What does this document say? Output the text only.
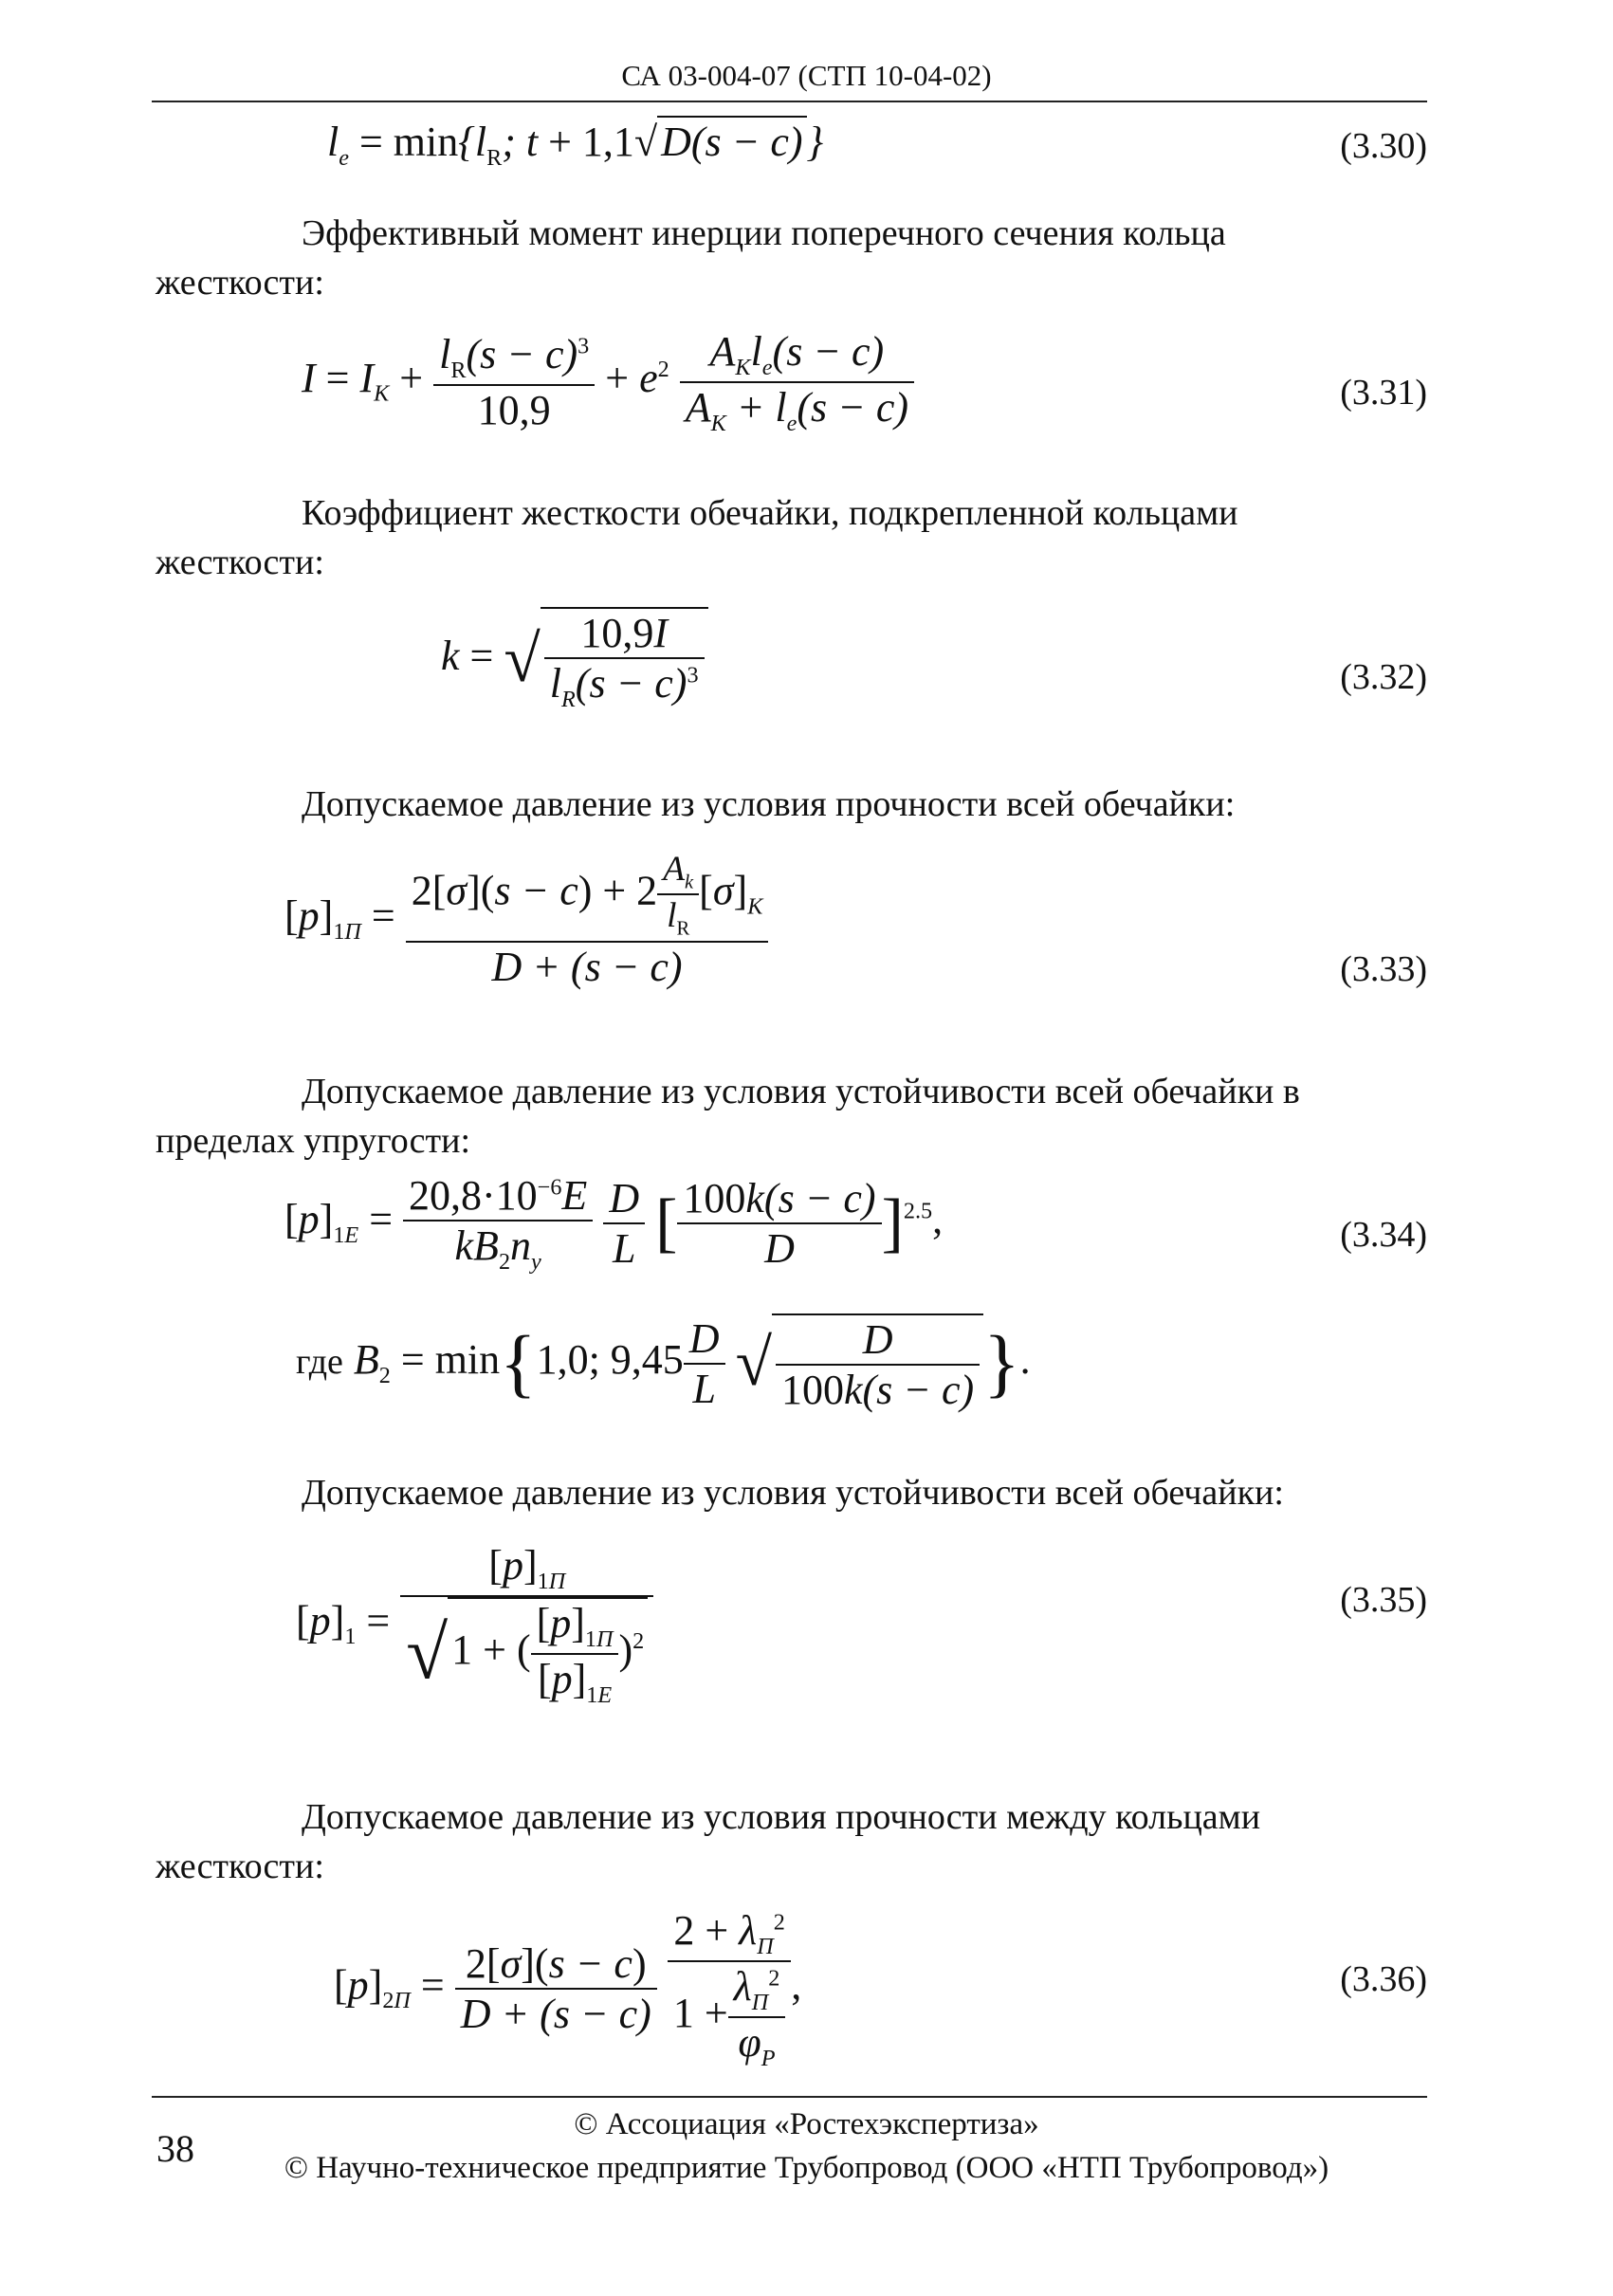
СА 03-004-07 (СТП 10-04-02)
$l_e = \min\{l_R$; t + 1,1√D(s − c)}	(3.30)
Эффективный момент инерции поперечного сечения кольца
жесткости:
$I = I_K + \frac{l_R(s - c)^3}{10,9} + e^2 \frac{A_Kl_e(s - c)}{A_K + l_e(s - c)}$	(3.31)
Коэффициент жесткости обечайки, подкрепленной кольцами
жесткости:
k = √ $\frac{10,9I}{l_R(s - c)^3}$	(3.32)
Допускаемое давление из условия прочности всей обечайки:
$[p]_{1П} = \frac{2[\sigma](s - c) + 2 \frac{A_k}{l_R} [\sigma]_K}{D + (s - c)}$	(3.33)
Допускаемое давление из условия устойчивости всей обечайки в
пределах упругости:
$[p]_{1E} = \frac{20,8\cdot 10^{-6}E}{kB_2n_y}$
$\frac{D}{L}$ [ $\frac{100k(s - c)}{D} ]^{2.5}$,	(3.34)
где $B_2 = \min\{1,0$; $9,45 \frac{D}{L}$ √ $\frac{D}{100k(s - c)}$ }.
Допускаемое давление из условия устойчивости всей обечайки:
$[p]_1 = \frac{[p]_{1П}}{√1 + ( \frac{[p]_{1П}}{[p]_{1E}} )^2}$	(3.35)
Допускаемое давление из условия прочности между кольцами
жесткости:
$[p]_{2П} = \frac{2[\sigma](s - c)}{D + (s - c)}$
$\frac{2 + \lambda_П^2}{1 + \frac{\lambda_П^2}{\varphi_P}}$ ,	(3.36)
38
© Ассоциация «Ростехэкспертиза»
© Научно-техническое предприятие Трубопровод (ООО «НТП Трубопровод»)
